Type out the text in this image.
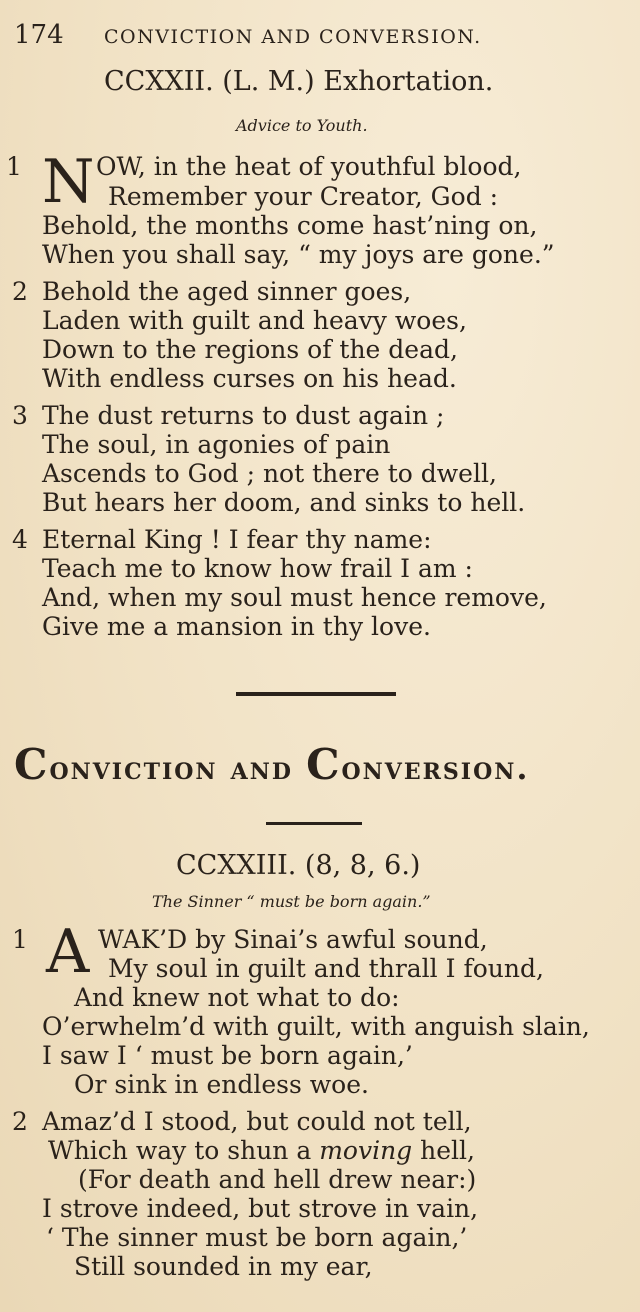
174 CONVICTION AND CONVERSION.
CCXXII. (L. M.) Exhortation.
Advice to Youth.
1 N OW, in the heat of youthful blood,
Remember your Creator, God :
Behold, the months come hast’ning on,
When you shall say, “ my joys are gone.”
2 Behold the aged sinner goes,
Laden with guilt and heavy woes,
Down to the regions of the dead,
With endless curses on his head.
3 The dust returns to dust again ;
The soul, in agonies of pain
Ascends to God ; not there to dwell,
But hears her doom, and sinks to hell.
4 Eternal King ! I fear thy name:
Teach me to know how frail I am :
And, when my soul must hence remove,
Give me a mansion in thy love.
Conviction and Conversion.
CCXXIII. (8, 8, 6.)
The Sinner “ must be born again.”
1 A WAK’D by Sinai’s awful sound,
My soul in guilt and thrall I found,
And knew not what to do:
O’erwhelm’d with guilt, with anguish slain,
I saw I ‘ must be born again,’
Or sink in endless woe.
2 Amaz’d I stood, but could not tell,
Which way to shun a moving hell,
(For death and hell drew near:)
I strove indeed, but strove in vain,
‘ The sinner must be born again,’
Still sounded in my ear,
